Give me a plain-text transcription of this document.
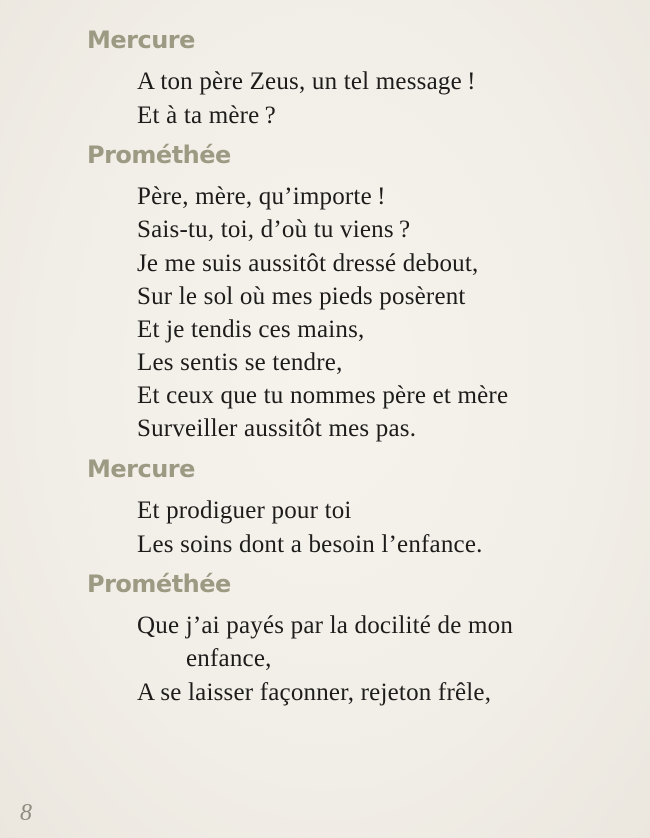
Mercure
A ton père Zeus, un tel message !
Et à ta mère ?
Prométhée
Père, mère, qu’importe !
Sais-tu, toi, d’où tu viens ?
Je me suis aussitôt dressé debout,
Sur le sol où mes pieds posèrent
Et je tendis ces mains,
Les sentis se tendre,
Et ceux que tu nommes père et mère
Surveiller aussitôt mes pas.
Mercure
Et prodiguer pour toi
Les soins dont a besoin l’enfance.
Prométhée
Que j’ai payés par la docilité de mon
enfance,
A se laisser façonner, rejeton frêle,
8
